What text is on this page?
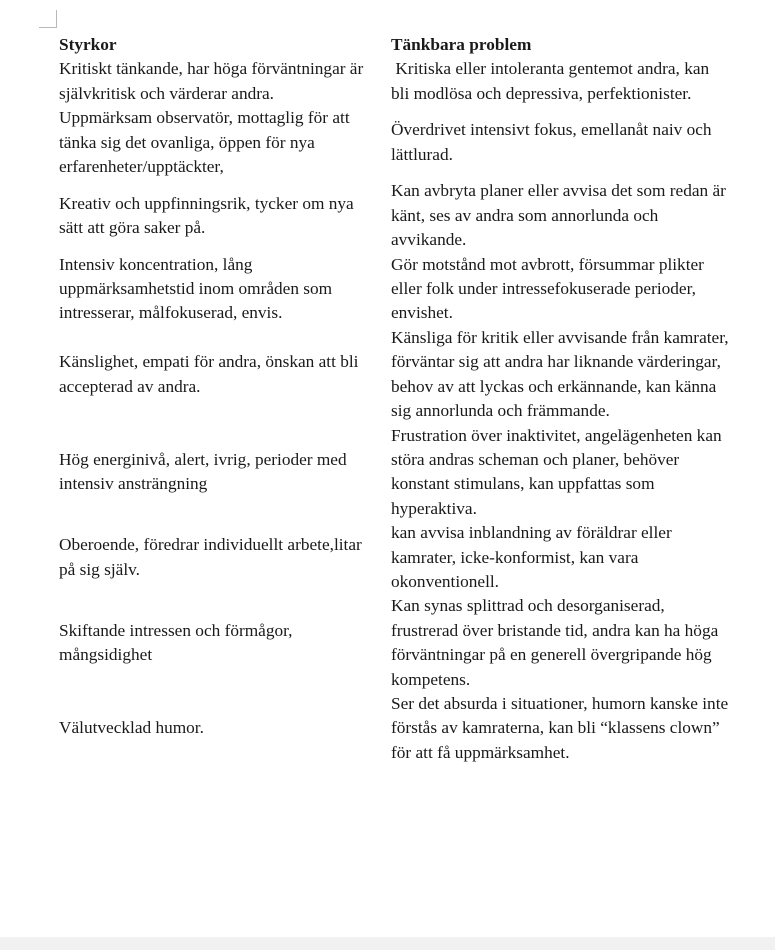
Styrkor	Tänkbara problem
Kritiskt tänkande, har höga förväntningar är självkritisk och värderar andra.	Kritiska eller intoleranta gentemot andra, kan bli modlösa och depressiva, perfektionister.
Uppmärksam observatör, mottaglig för att tänka sig det ovanliga, öppen för nya erfarenheter/upptäckter,	Överdrivet intensivt fokus, emellanåt naiv och lättlurad.
Kreativ och uppfinningsrik, tycker om nya sätt att göra saker på.	Kan avbryta planer eller avvisa det som redan är känt, ses av andra som annorlunda och avvikande.
Intensiv koncentration, lång uppmärksamhetstid inom områden som intresserar, målfokuserad, envis.	Gör motstånd mot avbrott, försummar plikter eller folk under intressefokuserade perioder, envishet.
Känslighet, empati för andra, önskan att bli accepterad av andra.	Känsliga för kritik eller avvisande från kamrater, förväntar sig att andra har liknande värderingar, behov av att lyckas och erkännande, kan känna sig annorlunda och främmande.
Hög energinivå, alert, ivrig, perioder med intensiv ansträngning	Frustration över inaktivitet, angelägenheten kan störa andras scheman och planer, behöver konstant stimulans, kan uppfattas som hyperaktiva.
Oberoende, föredrar individuellt arbete,litar på sig själv.	kan avvisa inblandning av föräldrar eller kamrater, icke-konformist, kan vara okonventionell.
Skiftande intressen och förmågor, mångsidighet	Kan synas splittrad och desorganiserad, frustrerad över bristande tid, andra kan ha höga förväntningar på en generell övergripande hög kompetens.
Välutvecklad humor.	Ser det absurda i situationer, humorn kanske inte förstås av kamraterna, kan bli “klassens clown” för att få uppmärksamhet.
